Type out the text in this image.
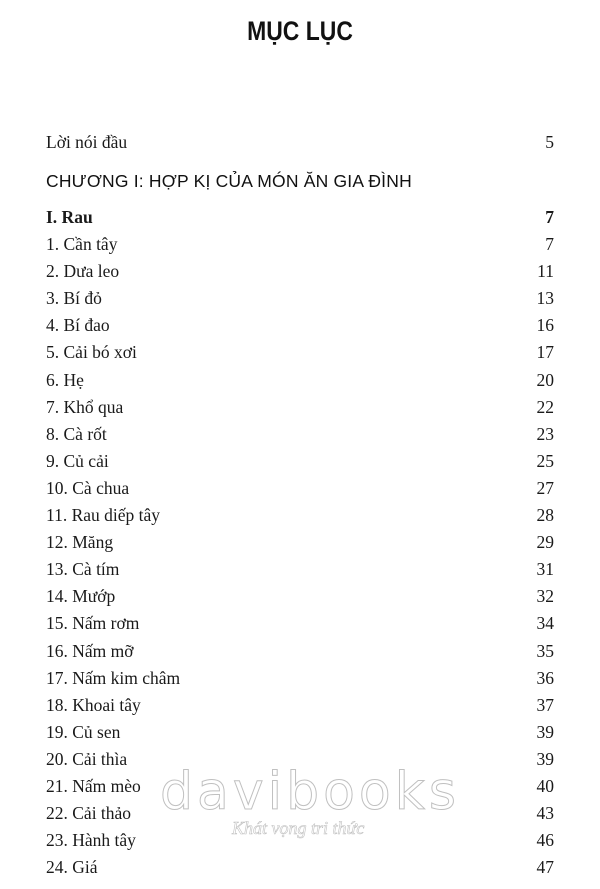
MỤC LỤC
Lời nói đầu	5
CHƯƠNG I: HỢP KỊ CỦA MÓN ĂN GIA ĐÌNH
I. Rau	7
1. Cần tây	7
2. Dưa leo	11
3. Bí đỏ	13
4. Bí đao	16
5. Cải bó xơi	17
6. Hẹ	20
7. Khổ qua	22
8. Cà rốt	23
9. Củ cải	25
10. Cà chua	27
11. Rau diếp tây	28
12. Măng	29
13. Cà tím	31
14. Mướp	32
15. Nấm rơm	34
16. Nấm mỡ	35
17. Nấm kim châm	36
18. Khoai tây	37
19. Củ sen	39
20. Cải thìa	39
21. Nấm mèo	40
22. Cải thảo	43
23. Hành tây	46
24. Giá	47
davibooks
Khát vọng tri thức
